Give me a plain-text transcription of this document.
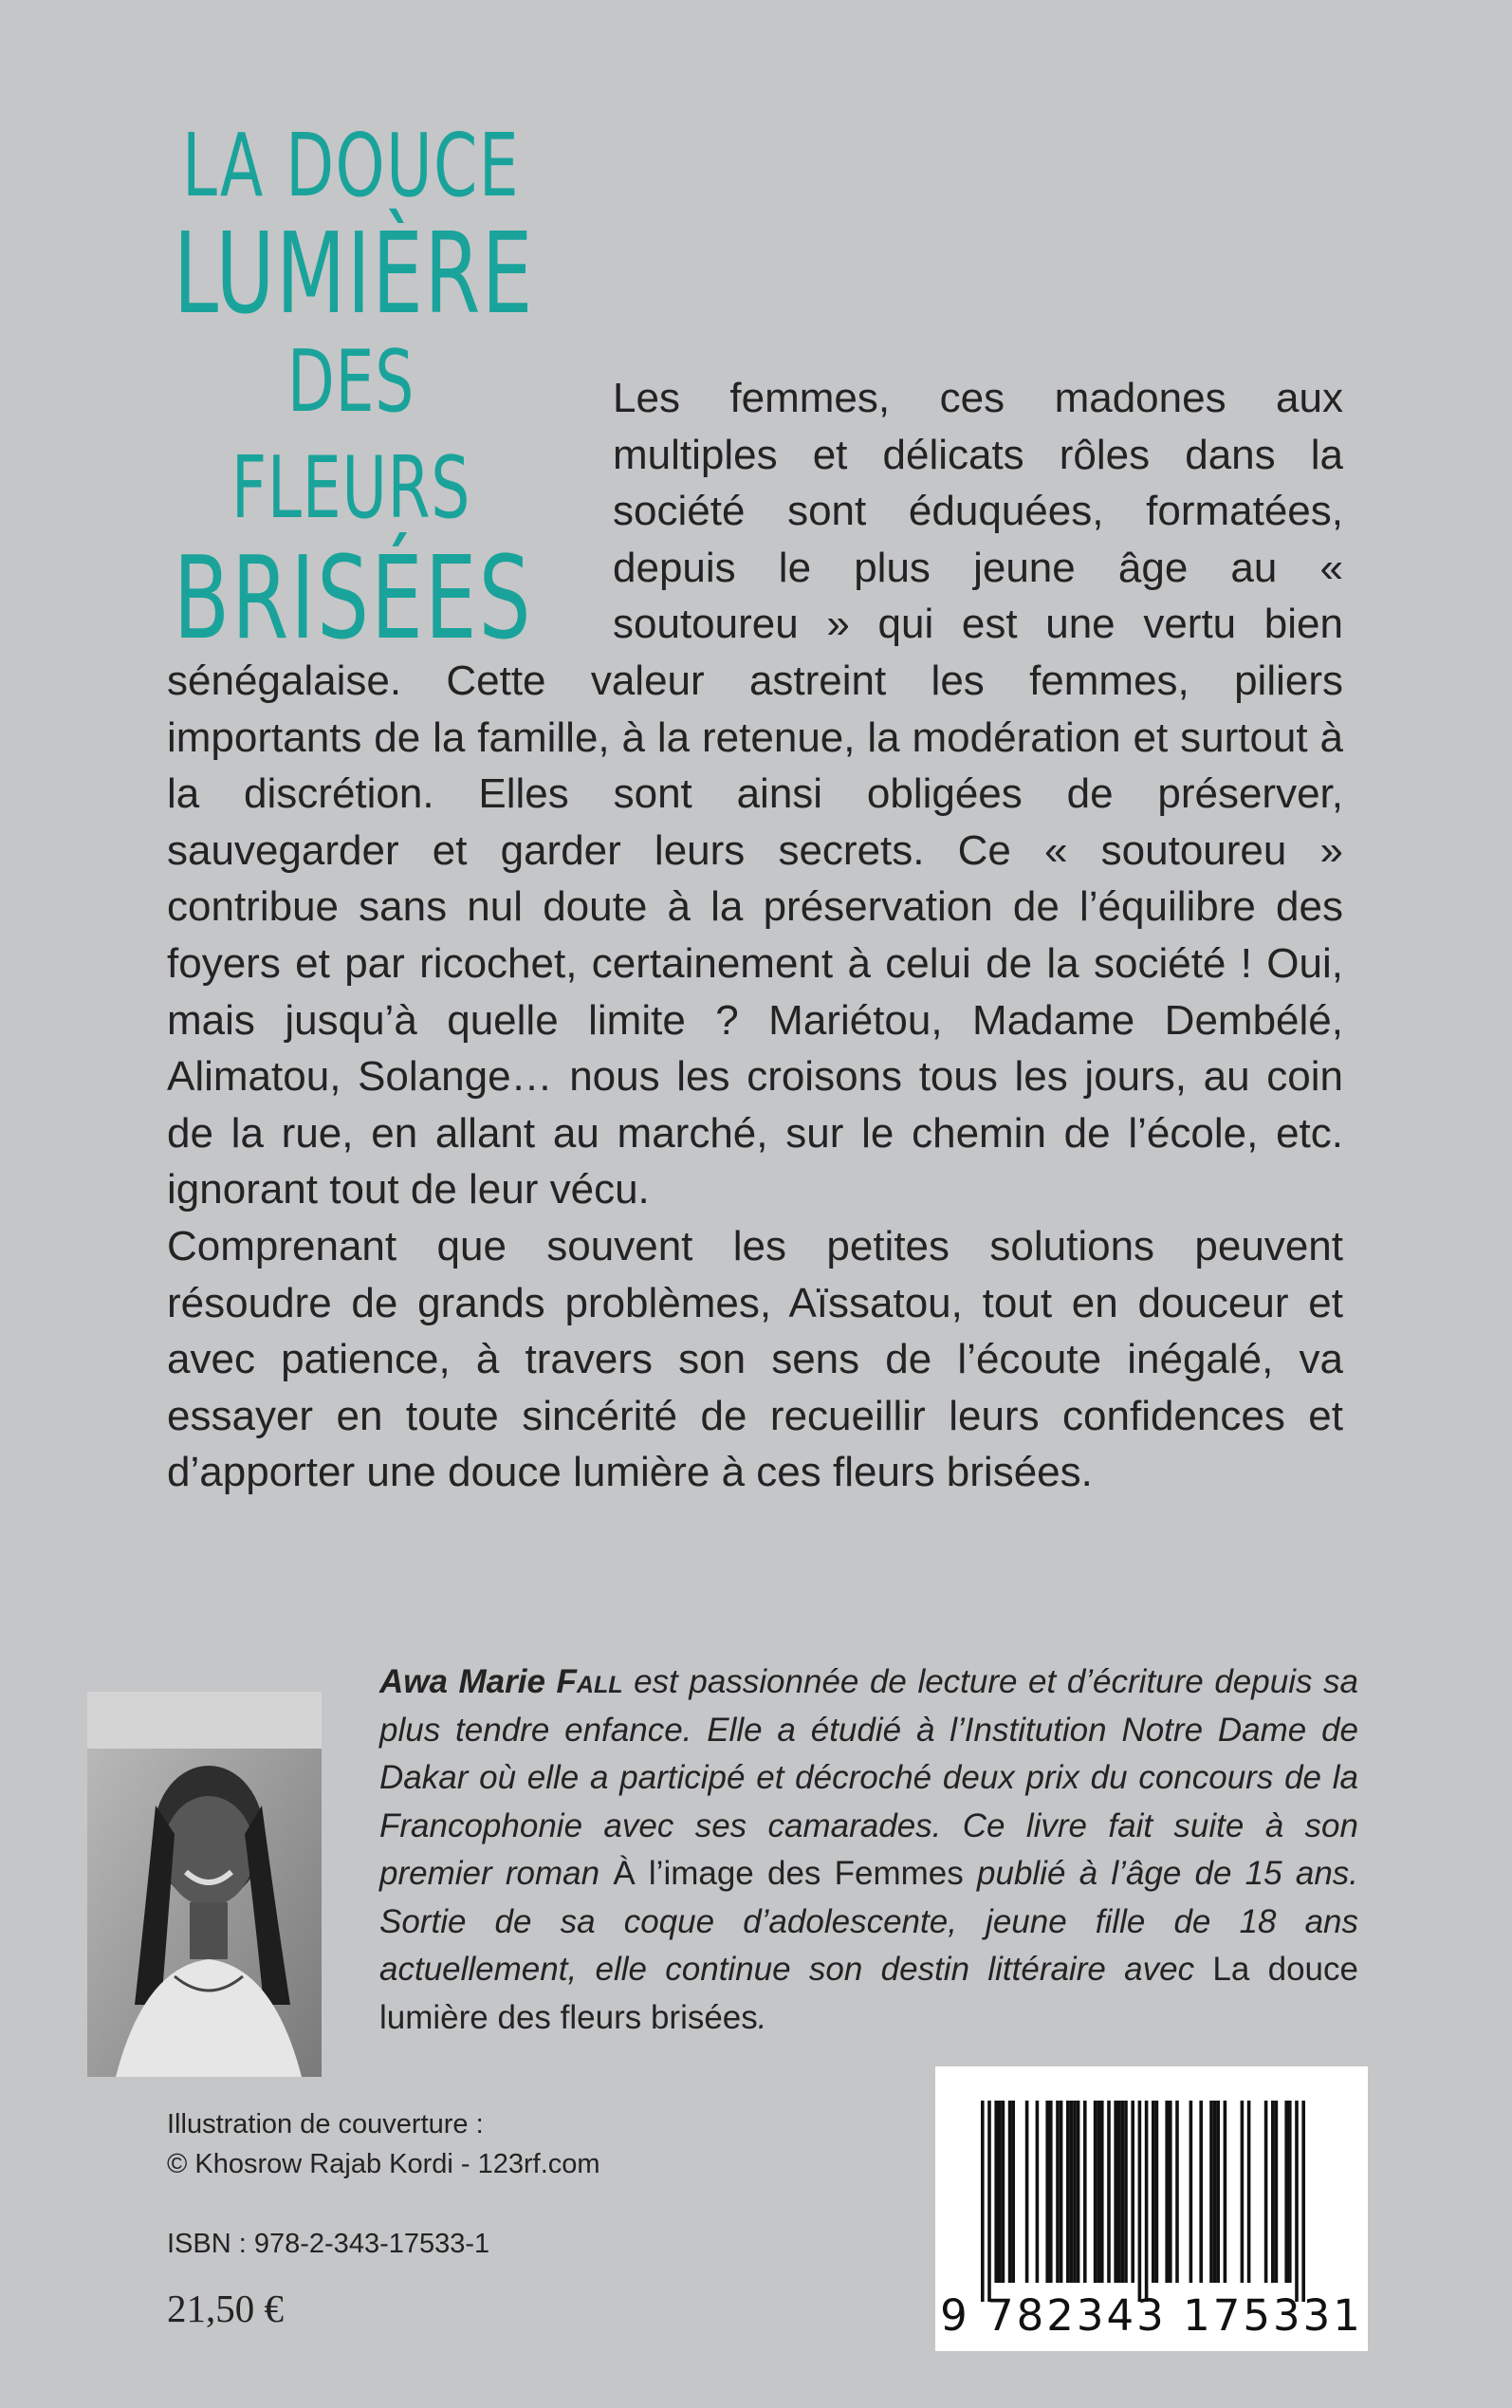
LA DOUCE
LUMIÈRE
DES FLEURS
BRISÉES

Les femmes, ces madones aux multiples et délicats rôles dans la société sont éduquées, formatées, depuis le plus jeune âge au « soutoureu » qui est une vertu bien sénégalaise. Cette valeur astreint les femmes, piliers importants de la famille, à la retenue, la modération et surtout à la discrétion. Elles sont ainsi obligées de préserver, sauvegarder et garder leurs secrets. Ce « soutoureu » contribue sans nul doute à la préservation de l’équilibre des foyers et par ricochet, certainement à celui de la société ! Oui, mais jusqu’à quelle limite ? Mariétou, Madame Dembélé, Alimatou, Solange… nous les croisons tous les jours, au coin de la rue, en allant au marché, sur le chemin de l’école, etc. ignorant tout de leur vécu.

Comprenant que souvent les petites solutions peuvent résoudre de grands problèmes, Aïssatou, tout en douceur et avec patience, à travers son sens de l’écoute inégalé, va essayer en toute sincérité de recueillir leurs confidences et d’apporter une douce lumière à ces fleurs brisées.

Awa Marie Fall est passionnée de lecture et d’écriture depuis sa plus tendre enfance. Elle a étudié à l’Institution Notre Dame de Dakar où elle a participé et décroché deux prix du concours de la Francophonie avec ses camarades. Ce livre fait suite à son premier roman À l’image des Femmes publié à l’âge de 15 ans. Sortie de sa coque d’adolescente, jeune fille de 18 ans actuellement, elle continue son destin littéraire avec La douce lumière des fleurs brisées.

Illustration de couverture :
© Khosrow Rajab Kordi - 123rf.com
ISBN : 978-2-343-17533-1
21,50 €	9 782343 175331
